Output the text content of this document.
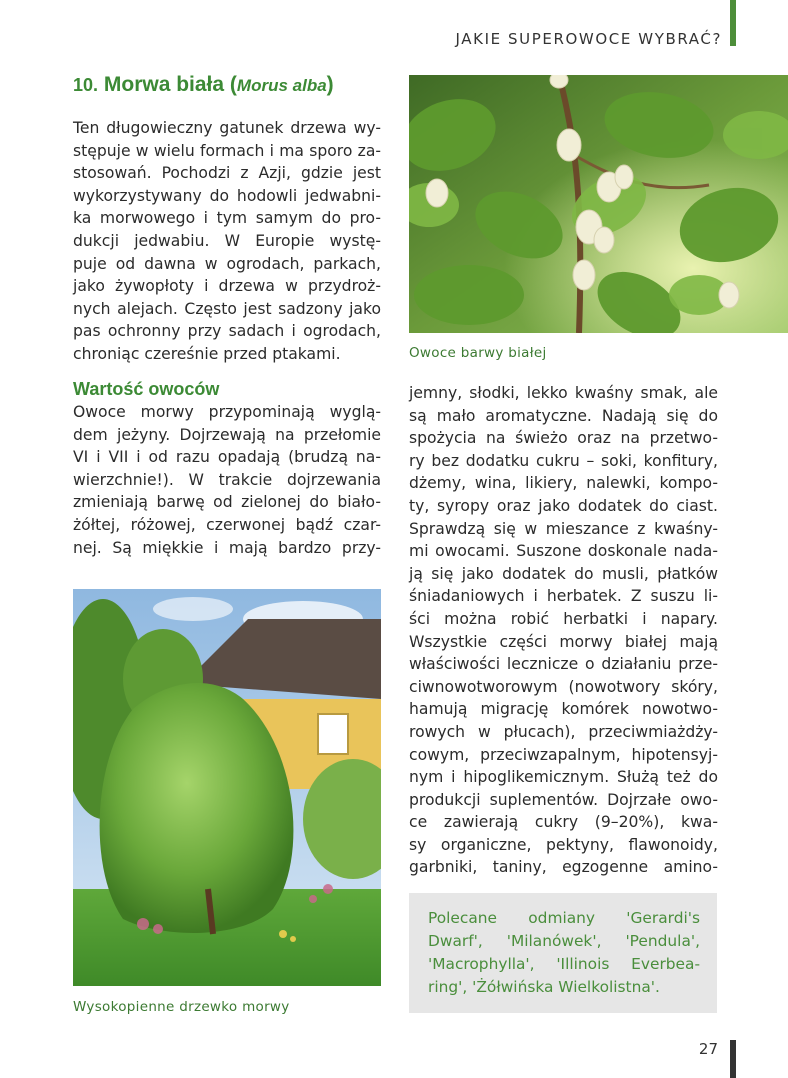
JAKIE SUPEROWOCE WYBRAĆ?
10. Morwa biała (Morus alba)
Ten długowieczny gatunek drzewa wy-
stępuje w wielu formach i ma sporo za-
stosowań. Pochodzi z Azji, gdzie jest
wykorzystywany do hodowli jedwabni-
ka morwowego i tym samym do pro-
dukcji jedwabiu. W Europie wystę-
puje od dawna w ogrodach, parkach,
jako żywopłoty i drzewa w przydroż-
nych alejach. Często jest sadzony jako
pas ochronny przy sadach i ogrodach,
chroniąc czereśnie przed ptakami.
Wartość owoców
Owoce morwy przypominają wyglą-
dem jeżyny. Dojrzewają na przełomie
VI i VII i od razu opadają (brudzą na-
wierzchnie!). W trakcie dojrzewania
zmieniają barwę od zielonej do biało-
żółtej, różowej, czerwonej bądź czar-
nej. Są miękkie i mają bardzo przy-
Owoce barwy białej
jemny, słodki, lekko kwaśny smak, ale
są mało aromatyczne. Nadają się do
spożycia na świeżo oraz na przetwo-
ry bez dodatku cukru – soki, konfitury,
dżemy, wina, likiery, nalewki, kompo-
ty, syropy oraz jako dodatek do ciast.
Sprawdzą się w mieszance z kwaśny-
mi owocami. Suszone doskonale nada-
ją się jako dodatek do musli, płatków
śniadaniowych i herbatek. Z suszu li-
ści można robić herbatki i napary.
Wszystkie części morwy białej mają
właściwości lecznicze o działaniu prze-
ciwnowotworowym (nowotwory skóry,
hamują migrację komórek nowotwo-
rowych w płucach), przeciwmiażdży-
cowym, przeciwzapalnym, hipotensyj-
nym i hipoglikemicznym. Służą też do
produkcji suplementów. Dojrzałe owo-
ce zawierają cukry (9–20%), kwa-
sy organiczne, pektyny, flawonoidy,
garbniki, taniny, egzogenne amino-
Wysokopienne drzewko morwy
Polecane odmiany 'Gerardi's
Dwarf', 'Milanówek', 'Pendula',
'Macrophylla', 'Illinois Everbea-
ring', 'Żółwińska Wielkolistna'.
27
